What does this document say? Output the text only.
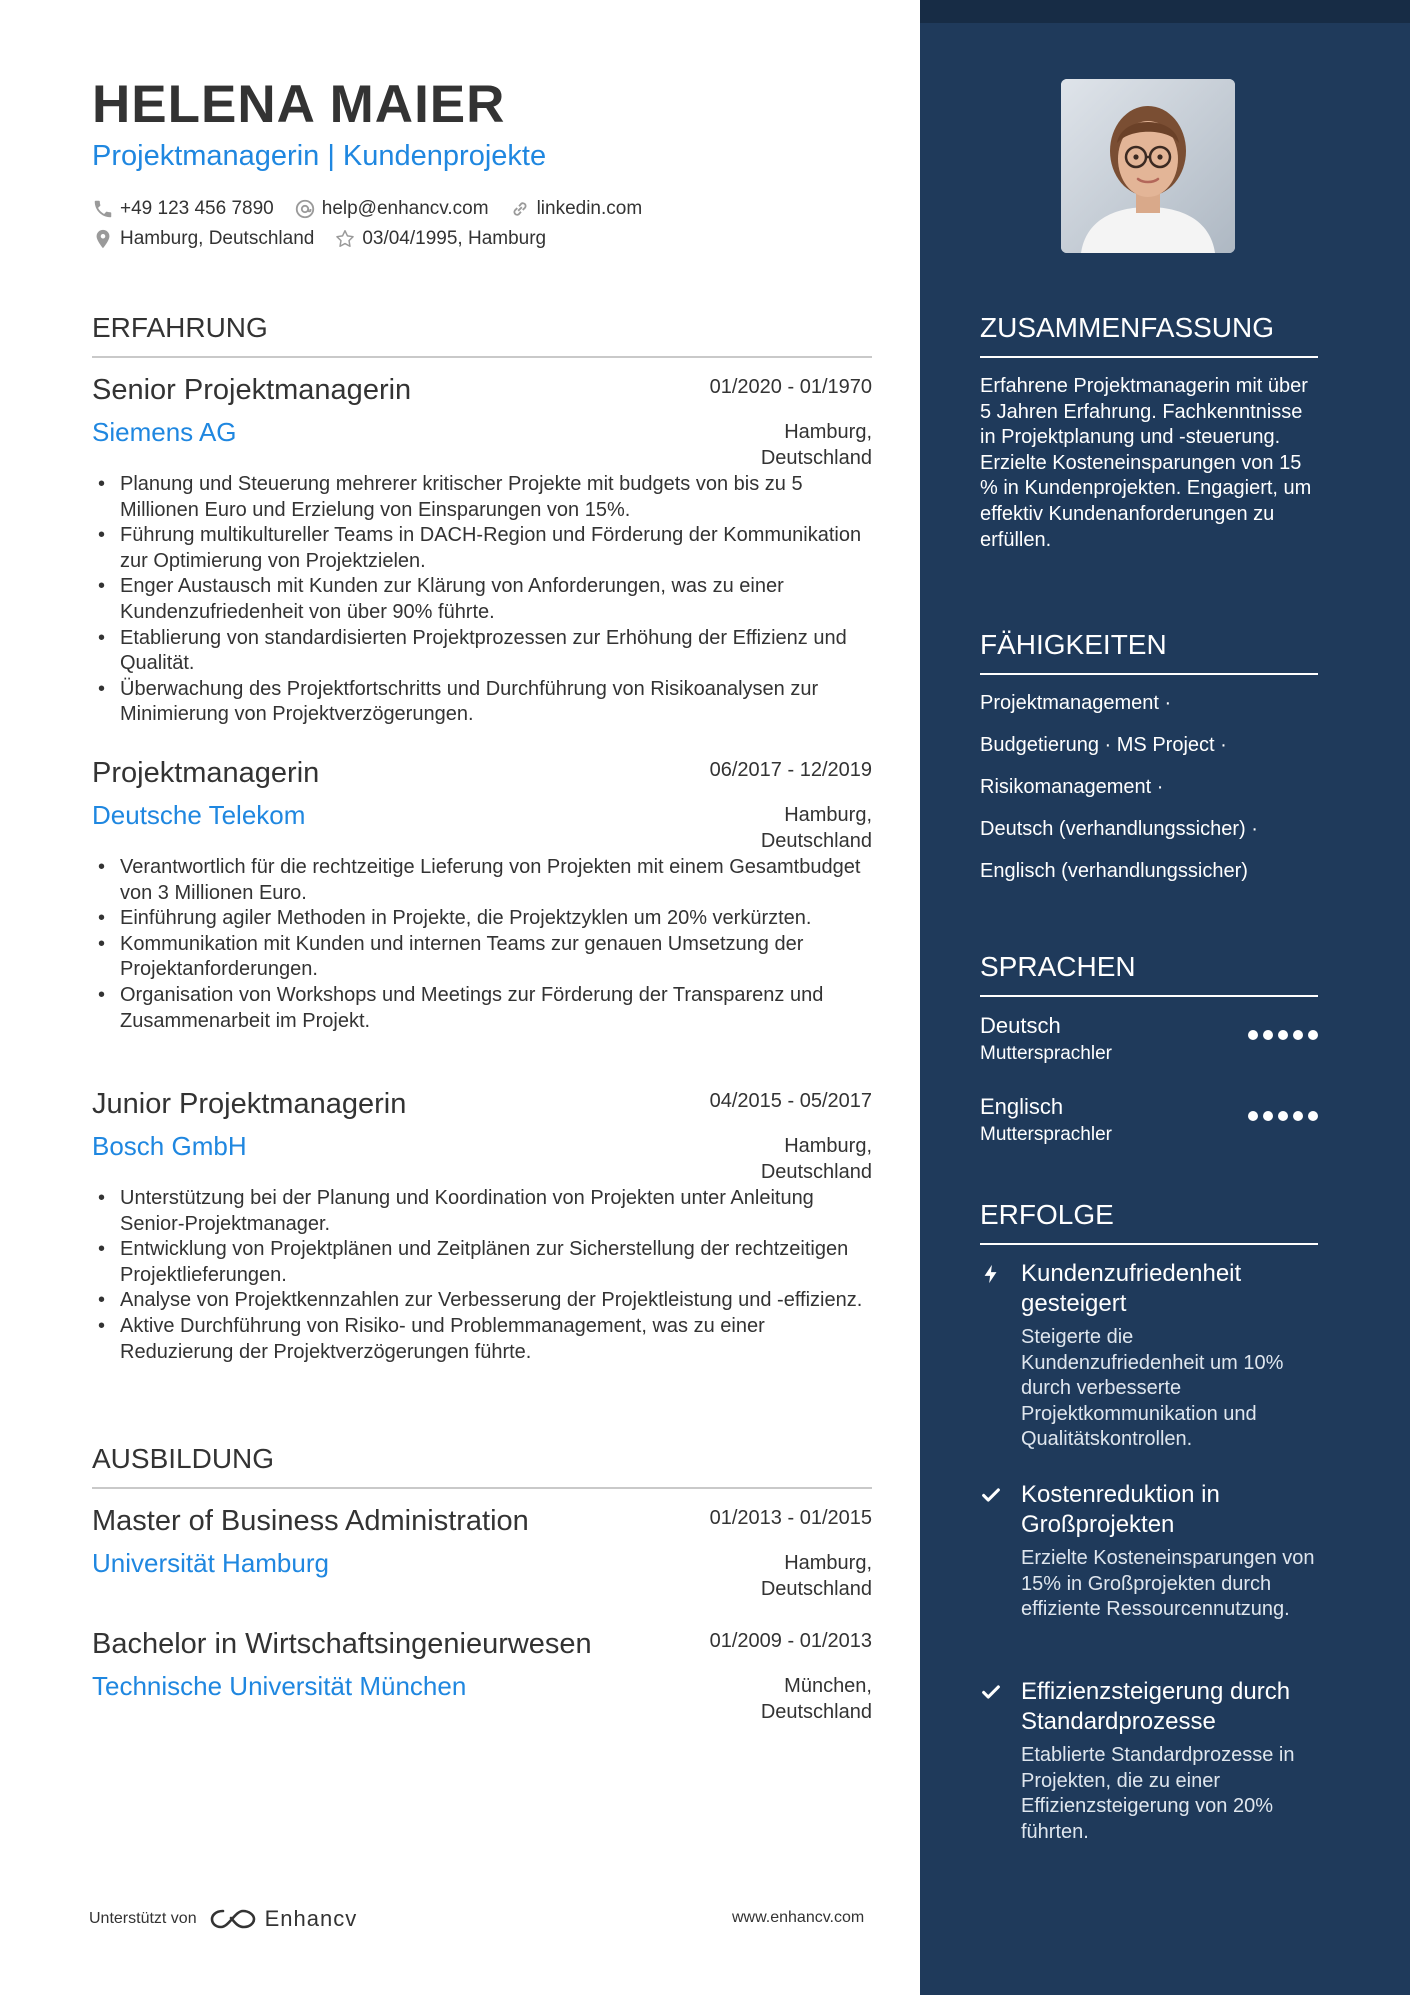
HELENA MAIER
Projektmanagerin | Kundenprojekte
+49 123 456 7890	help@enhancv.com	linkedin.com
Hamburg, Deutschland	03/04/1995, Hamburg
ERFAHRUNG
Senior Projektmanagerin	01/2020 - 01/1970
Siemens AG	Hamburg,
Deutschland
• Planung und Steuerung mehrerer kritischer Projekte mit budgets von bis zu 5 Millionen Euro und Erzielung von Einsparungen von 15%.
• Führung multikultureller Teams in DACH-Region und Förderung der Kommunikation zur Optimierung von Projektzielen.
• Enger Austausch mit Kunden zur Klärung von Anforderungen, was zu einer Kundenzufriedenheit von über 90% führte.
• Etablierung von standardisierten Projektprozessen zur Erhöhung der Effizienz und Qualität.
• Überwachung des Projektfortschritts und Durchführung von Risikoanalysen zur Minimierung von Projektverzögerungen.
Projektmanagerin	06/2017 - 12/2019
Deutsche Telekom	Hamburg,
Deutschland
• Verantwortlich für die rechtzeitige Lieferung von Projekten mit einem Gesamtbudget von 3 Millionen Euro.
• Einführung agiler Methoden in Projekte, die Projektzyklen um 20% verkürzten.
• Kommunikation mit Kunden und internen Teams zur genauen Umsetzung der Projektanforderungen.
• Organisation von Workshops und Meetings zur Förderung der Transparenz und Zusammenarbeit im Projekt.
Junior Projektmanagerin	04/2015 - 05/2017
Bosch GmbH	Hamburg,
Deutschland
• Unterstützung bei der Planung und Koordination von Projekten unter Anleitung Senior-Projektmanager.
• Entwicklung von Projektplänen und Zeitplänen zur Sicherstellung der rechtzeitigen Projektlieferungen.
• Analyse von Projektkennzahlen zur Verbesserung der Projektleistung und -effizienz.
• Aktive Durchführung von Risiko- und Problemmanagement, was zu einer Reduzierung der Projektverzögerungen führte.
AUSBILDUNG
Master of Business Administration	01/2013 - 01/2015
Universität Hamburg	Hamburg,
Deutschland
Bachelor in Wirtschaftsingenieurwesen	01/2009 - 01/2013
Technische Universität München	München,
Deutschland
Unterstützt von	Enhancv	www.enhancv.com
ZUSAMMENFASSUNG
Erfahrene Projektmanagerin mit über 5 Jahren Erfahrung. Fachkenntnisse in Projektplanung und -steuerung. Erzielte Kosteneinsparungen von 15 % in Kundenprojekten. Engagiert, um effektiv Kundenanforderungen zu erfüllen.
FÄHIGKEITEN
Projektmanagement ·
Budgetierung · MS Project ·
Risikomanagement ·
Deutsch (verhandlungssicher) ·
Englisch (verhandlungssicher)
SPRACHEN
Deutsch
Muttersprachler
Englisch
Muttersprachler
ERFOLGE
Kundenzufriedenheit gesteigert
Steigerte die Kundenzufriedenheit um 10% durch verbesserte Projektkommunikation und Qualitätskontrollen.
Kostenreduktion in Großprojekten
Erzielte Kosteneinsparungen von 15% in Großprojekten durch effiziente Ressourcennutzung.
Effizienzsteigerung durch Standardprozesse
Etablierte Standardprozesse in Projekten, die zu einer Effizienzsteigerung von 20% führten.
